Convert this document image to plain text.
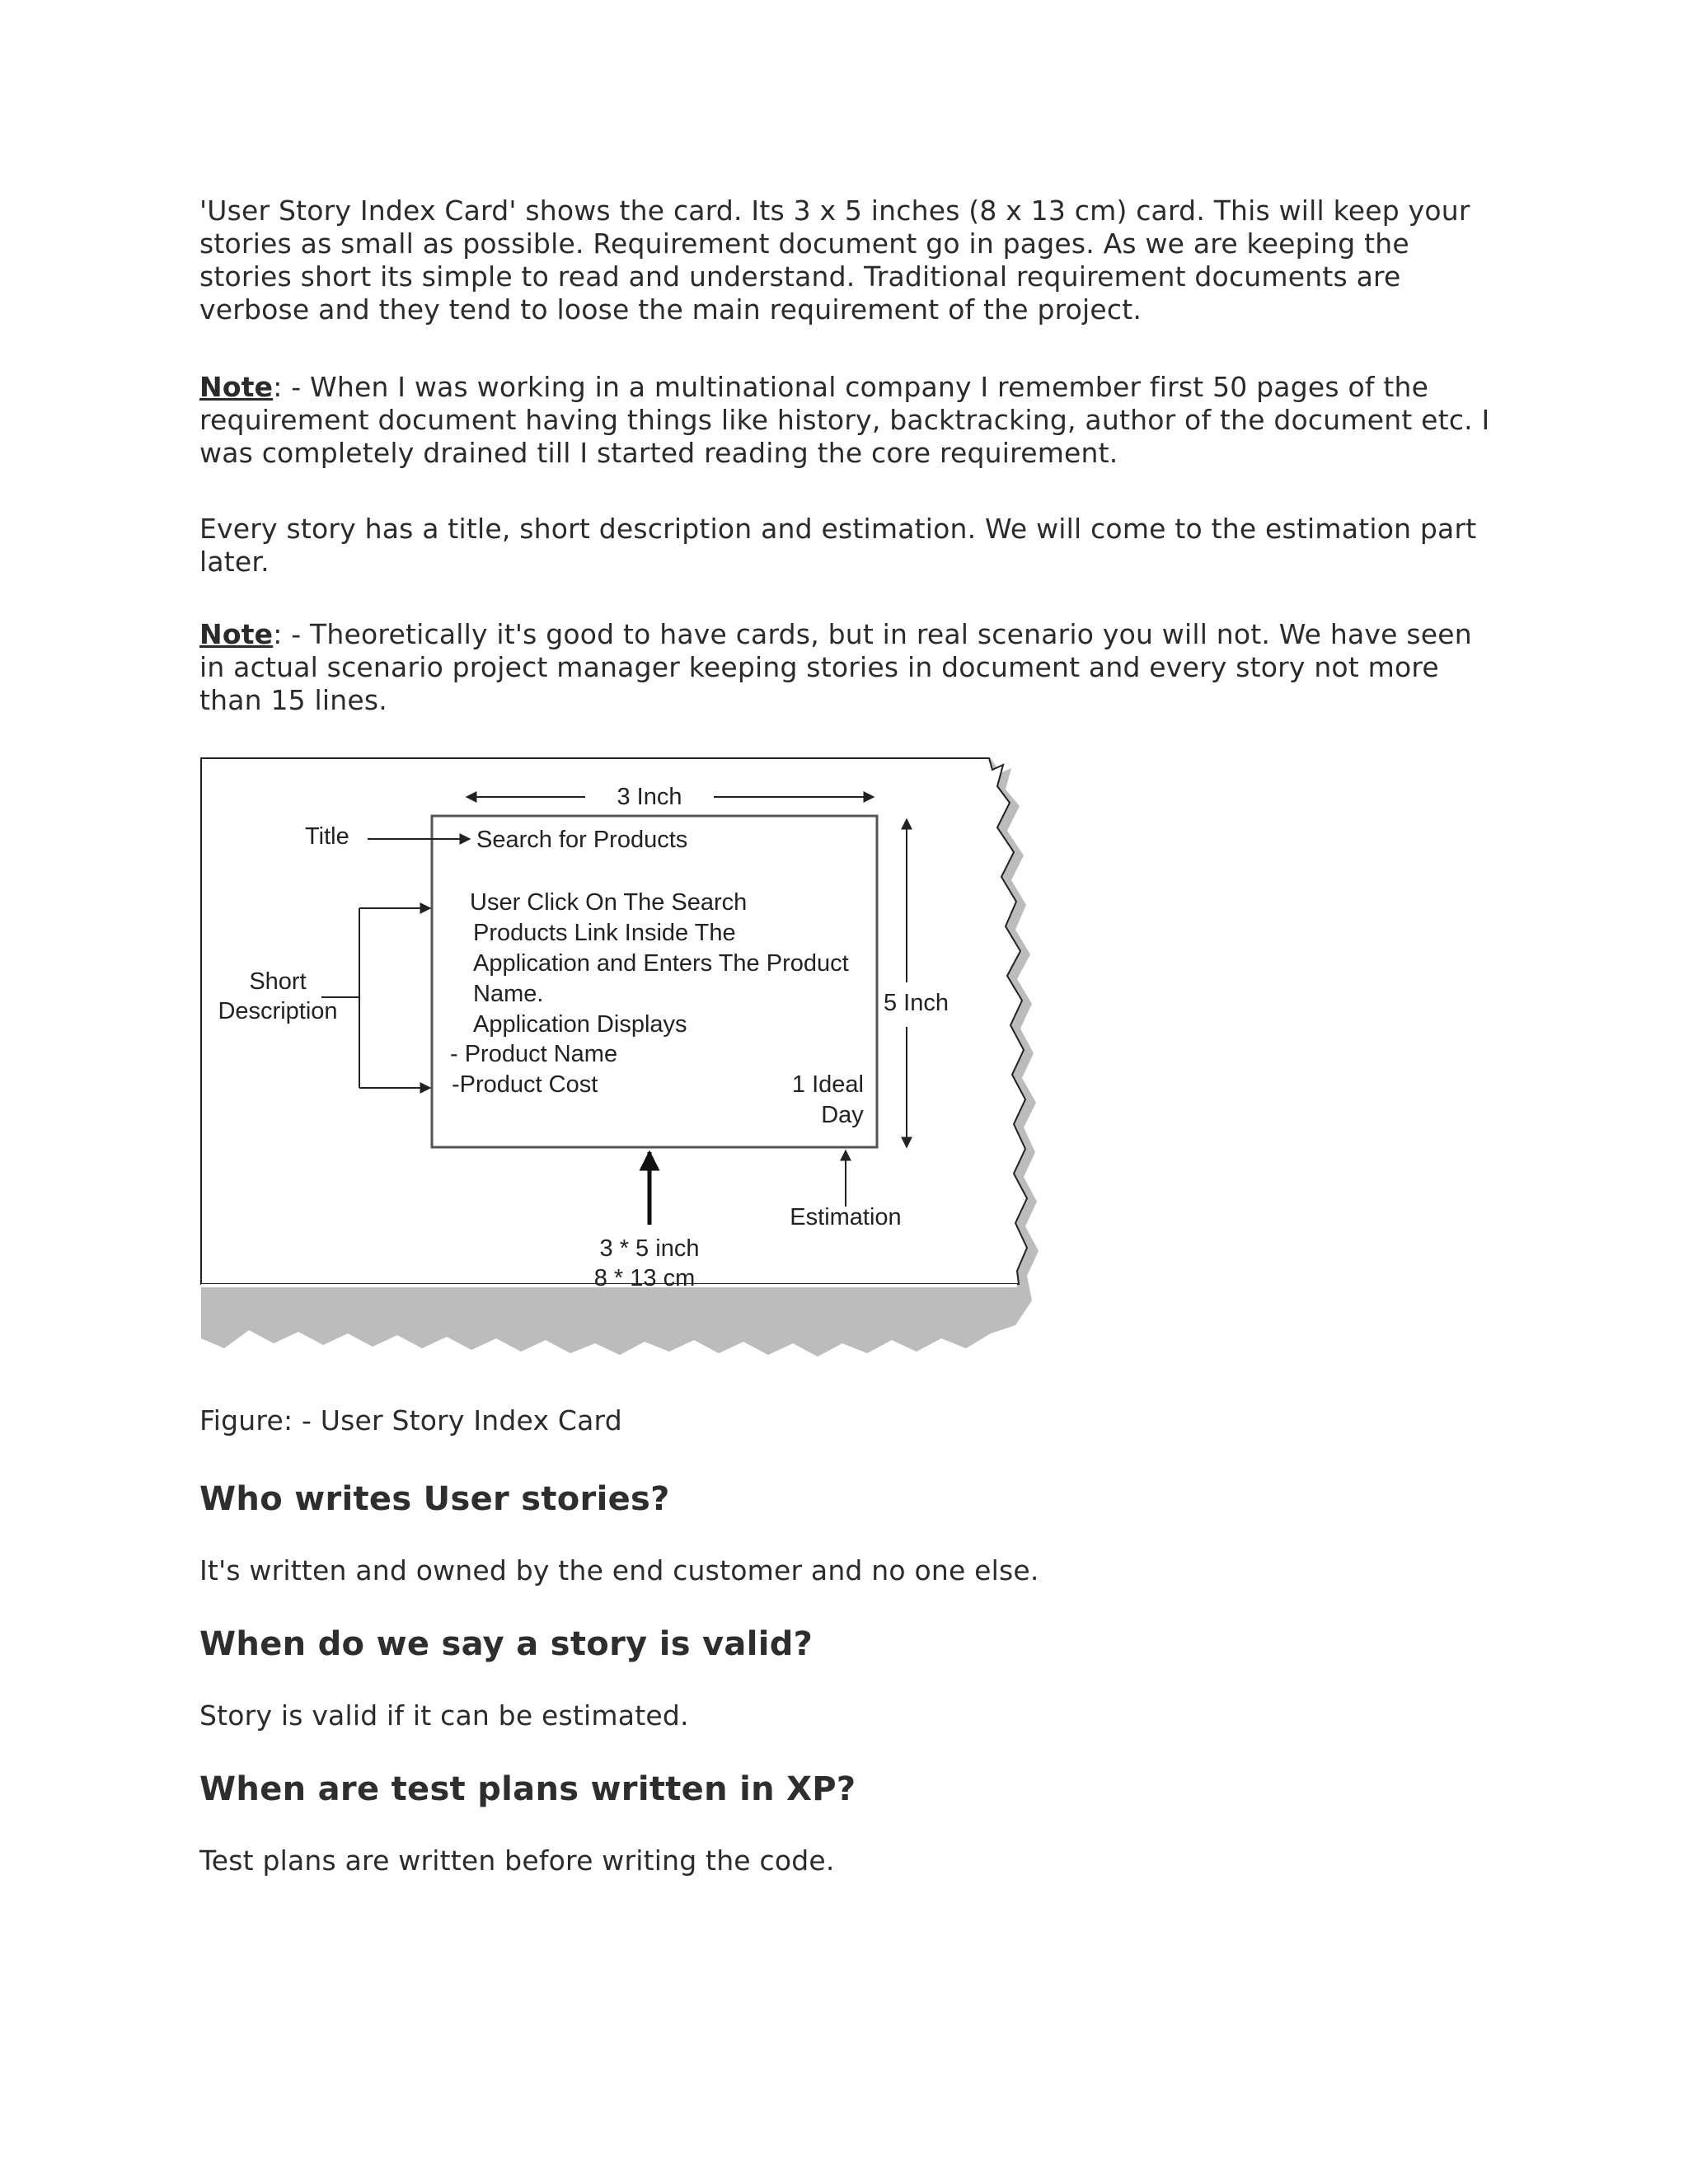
'User Story Index Card' shows the card. Its 3 x 5 inches (8 x 13 cm) card. This will keep your stories as small as possible. Requirement document go in pages. As we are keeping the stories short its simple to read and understand. Traditional requirement documents are verbose and they tend to loose the main requirement of the project.

Note: - When I was working in a multinational company I remember first 50 pages of the requirement document having things like history, backtracking, author of the document etc. I was completely drained till I started reading the core requirement.

Every story has a title, short description and estimation. We will come to the estimation part later.

Note: - Theoretically it's good to have cards, but in real scenario you will not. We have seen in actual scenario project manager keeping stories in document and every story not more than 15 lines.

3 Inch
5 Inch
Title	Search for Products
Short
Description
User Click On The Search
Products Link Inside The
Application and Enters The Product
Name.
Application Displays
- Product Name
-Product Cost	1 Ideal
Day
Estimation
3 * 5 inch
8 * 13 cm

Figure: - User Story Index Card

Who writes User stories?

It's written and owned by the end customer and no one else.

When do we say a story is valid?

Story is valid if it can be estimated.

When are test plans written in XP?

Test plans are written before writing the code.
